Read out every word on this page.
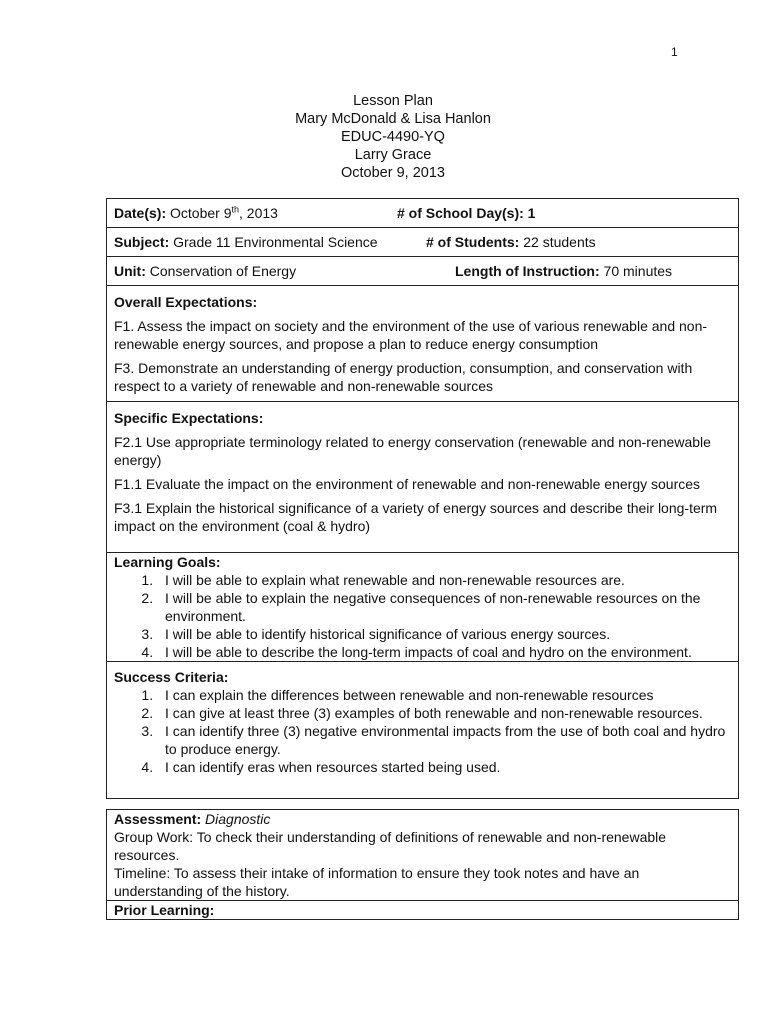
1
Lesson Plan
Mary McDonald & Lisa Hanlon
EDUC-4490-YQ
Larry Grace
October 9, 2013
Date(s): October 9th, 2013	# of School Day(s): 1

Subject: Grade 11 Environmental Science	# of Students: 22 students

Unit: Conservation of Energy	Length of Instruction: 70 minutes

Overall Expectations:

F1. Assess the impact on society and the environment of the use of various renewable and non-renewable energy sources, and propose a plan to reduce energy consumption

F3. Demonstrate an understanding of energy production, consumption, and conservation with respect to a variety of renewable and non-renewable sources

Specific Expectations:

F2.1 Use appropriate terminology related to energy conservation (renewable and non-renewable energy)

F1.1 Evaluate the impact on the environment of renewable and non-renewable energy sources

F3.1 Explain the historical significance of a variety of energy sources and describe their long-term impact on the environment (coal & hydro)

Learning Goals:
1. I will be able to explain what renewable and non-renewable resources are.
2. I will be able to explain the negative consequences of non-renewable resources on the environment.
3. I will be able to identify historical significance of various energy sources.
4. I will be able to describe the long-term impacts of coal and hydro on the environment.

Success Criteria:
1. I can explain the differences between renewable and non-renewable resources
2. I can give at least three (3) examples of both renewable and non-renewable resources.
3. I can identify three (3) negative environmental impacts from the use of both coal and hydro to produce energy.
4. I can identify eras when resources started being used.
Assessment: Diagnostic
Group Work: To check their understanding of definitions of renewable and non-renewable resources.
Timeline: To assess their intake of information to ensure they took notes and have an understanding of the history.

Prior Learning:
